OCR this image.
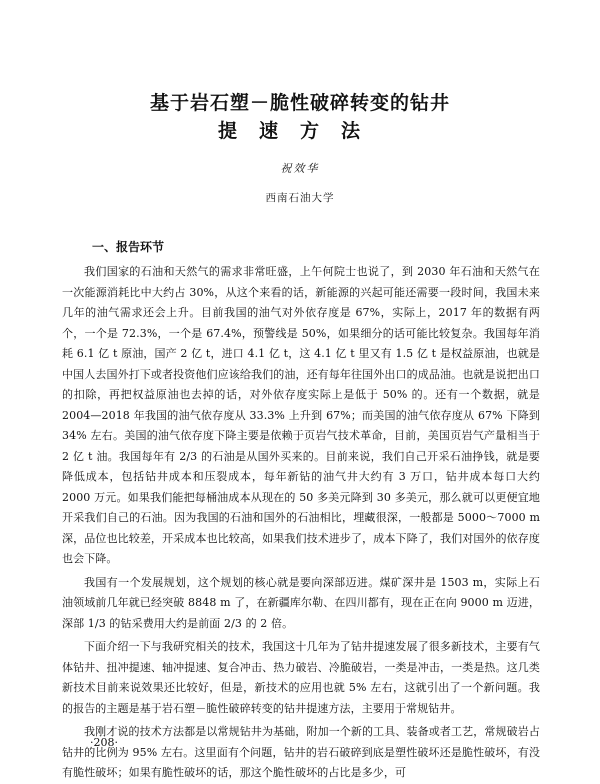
基于岩石塑－脆性破碎转变的钻井
提速方法
祝效华
西南石油大学
一、报告环节

我们国家的石油和天然气的需求非常旺盛，上午何院士也说了，到 2030 年石油和天然气在一次能源消耗比中大约占 30%，从这个来看的话，新能源的兴起可能还需要一段时间，我国未来几年的油气需求还会上升。目前我国的油气对外依存度是 67%，实际上，2017 年的数据有两个，一个是 72.3%，一个是 67.4%，预警线是 50%，如果细分的话可能比较复杂。我国每年消耗 6.1 亿 t 原油，国产 2 亿 t，进口 4.1 亿 t，这 4.1 亿 t 里又有 1.5 亿 t 是权益原油，也就是中国人去国外打下或者投资他们应该给我们的油，还有每年往国外出口的成品油。也就是说把出口的扣除，再把权益原油也去掉的话，对外依存度实际上是低于 50% 的。还有一个数据，就是 2004—2018 年我国的油气依存度从 33.3% 上升到 67%；而美国的油气依存度从 67% 下降到 34% 左右。美国的油气依存度下降主要是依赖于页岩气技术革命，目前，美国页岩气产量相当于 2 亿 t 油。我国每年有 2/3 的石油是从国外买来的。目前来说，我们自己开采石油挣钱，就是要降低成本，包括钻井成本和压裂成本，每年新钻的油气井大约有 3 万口，钻井成本每口大约 2000 万元。如果我们能把每桶油成本从现在的 50 多美元降到 30 多美元，那么就可以更便宜地开采我们自己的石油。因为我国的石油和国外的石油相比，埋藏很深，一般都是 5000～7000 m 深，品位也比较差，开采成本也比较高，如果我们技术进步了，成本下降了，我们对国外的依存度也会下降。

我国有一个发展规划，这个规划的核心就是要向深部迈进。煤矿深井是 1503 m，实际上石油领域前几年就已经突破 8848 m 了，在新疆库尔勒、在四川都有，现在正在向 9000 m 迈进，深部 1/3 的钻采费用大约是前面 2/3 的 2 倍。

下面介绍一下与我研究相关的技术，我国这十几年为了钻井提速发展了很多新技术，主要有气体钻井、扭冲提速、轴冲提速、复合冲击、热力破岩、冷脆破岩，一类是冲击，一类是热。这几类新技术目前来说效果还比较好，但是，新技术的应用也就 5% 左右，这就引出了一个新问题。我的报告的主题是基于岩石塑－脆性破碎转变的钻井提速方法，主要用于常规钻井。

我刚才说的技术方法都是以常规钻井为基础，附加一个新的工具、装备或者工艺，常规破岩占钻井的比例为 95% 左右。这里面有个问题，钻井的岩石破碎到底是塑性破坏还是脆性破坏，有没有脆性破坏；如果有脆性破坏的话，那这个脆性破坏的占比是多少，可

·208·
